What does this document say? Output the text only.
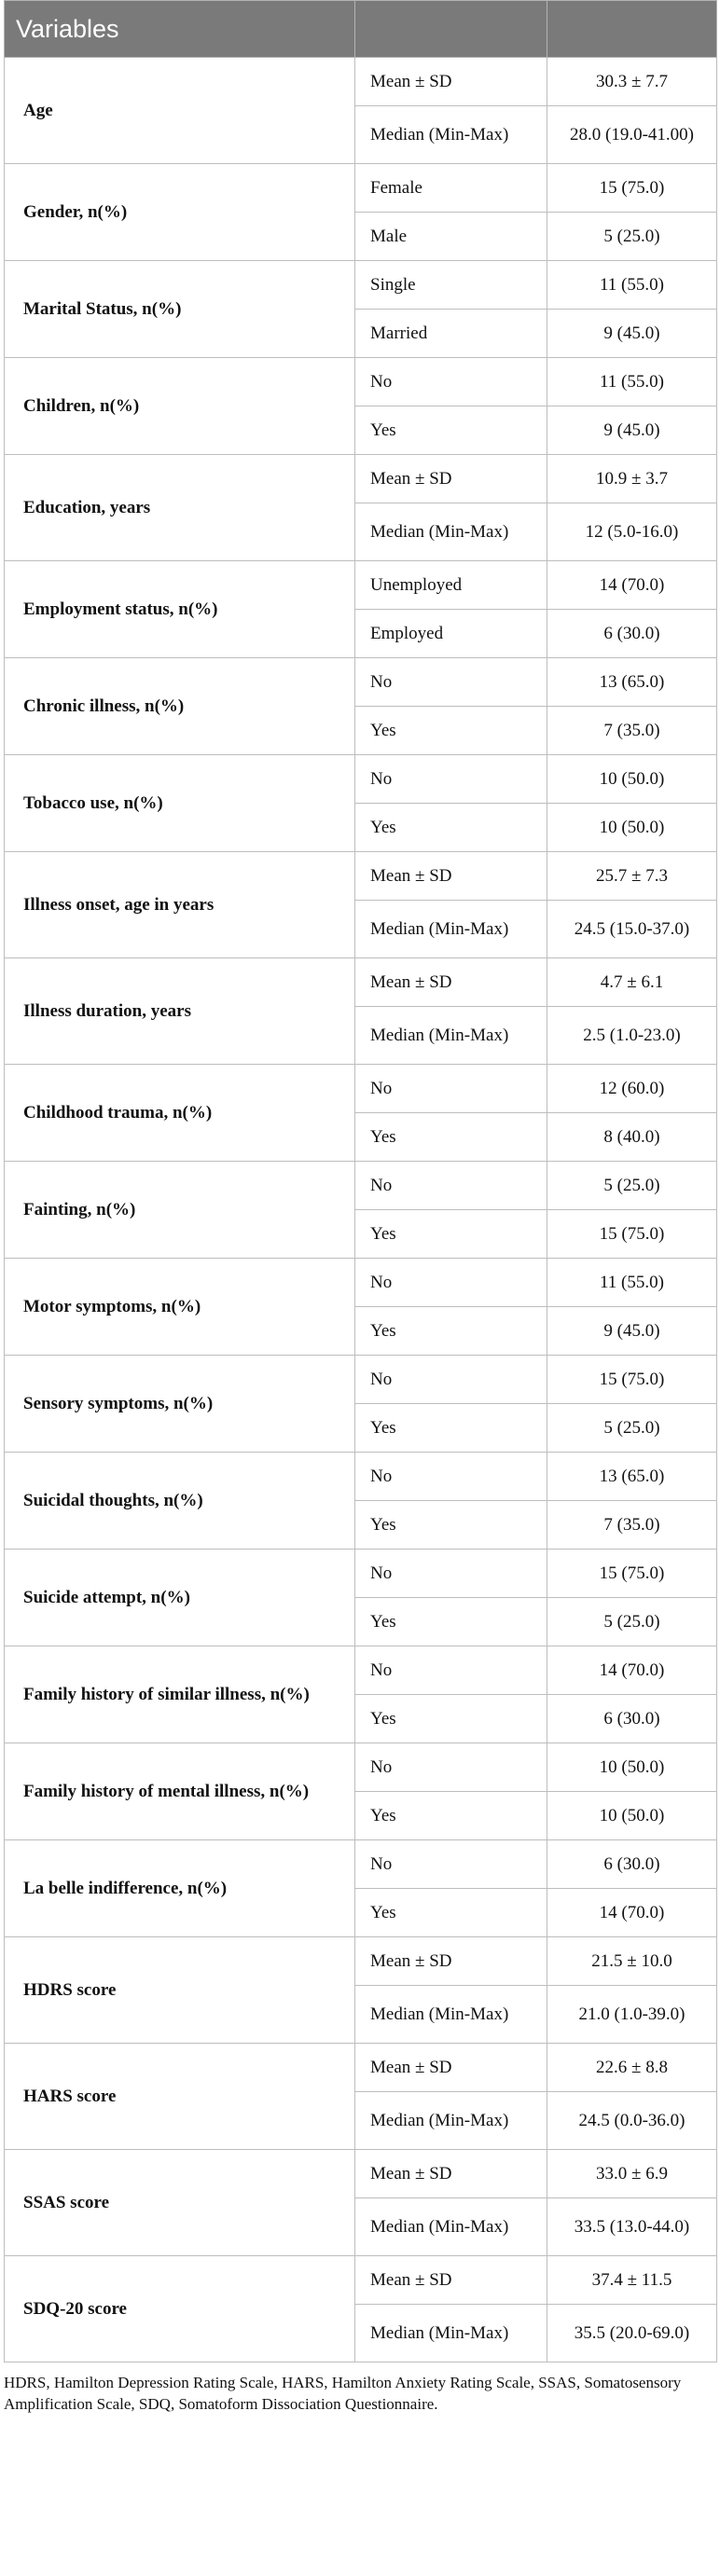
Variables		
Age	Mean ± SD	30.3 ± 7.7
	Median (Min-Max)	28.0 (19.0-41.00)
Gender, n(%)	Female	15 (75.0)
	Male	5 (25.0)
Marital Status, n(%)	Single	11 (55.0)
	Married	9 (45.0)
Children, n(%)	No	11 (55.0)
	Yes	9 (45.0)
Education, years	Mean ± SD	10.9 ± 3.7
	Median (Min-Max)	12 (5.0-16.0)
Employment status, n(%)	Unemployed	14 (70.0)
	Employed	6 (30.0)
Chronic illness, n(%)	No	13 (65.0)
	Yes	7 (35.0)
Tobacco use, n(%)	No	10 (50.0)
	Yes	10 (50.0)
Illness onset, age in years	Mean ± SD	25.7 ± 7.3
	Median (Min-Max)	24.5 (15.0-37.0)
Illness duration, years	Mean ± SD	4.7 ± 6.1
	Median (Min-Max)	2.5 (1.0-23.0)
Childhood trauma, n(%)	No	12 (60.0)
	Yes	8 (40.0)
Fainting, n(%)	No	5 (25.0)
	Yes	15 (75.0)
Motor symptoms, n(%)	No	11 (55.0)
	Yes	9 (45.0)
Sensory symptoms, n(%)	No	15 (75.0)
	Yes	5 (25.0)
Suicidal thoughts, n(%)	No	13 (65.0)
	Yes	7 (35.0)
Suicide attempt, n(%)	No	15 (75.0)
	Yes	5 (25.0)
Family history of similar illness, n(%)	No	14 (70.0)
	Yes	6 (30.0)
Family history of mental illness, n(%)	No	10 (50.0)
	Yes	10 (50.0)
La belle indifference, n(%)	No	6 (30.0)
	Yes	14 (70.0)
HDRS score	Mean ± SD	21.5 ± 10.0
	Median (Min-Max)	21.0 (1.0-39.0)
HARS score	Mean ± SD	22.6 ± 8.8
	Median (Min-Max)	24.5 (0.0-36.0)
SSAS score	Mean ± SD	33.0 ± 6.9
	Median (Min-Max)	33.5 (13.0-44.0)
SDQ-20 score	Mean ± SD	37.4 ± 11.5
	Median (Min-Max)	35.5 (20.0-69.0)
HDRS, Hamilton Depression Rating Scale, HARS, Hamilton Anxiety Rating Scale, SSAS, Somatosensory Amplification Scale, SDQ, Somatoform Dissociation Questionnaire.
